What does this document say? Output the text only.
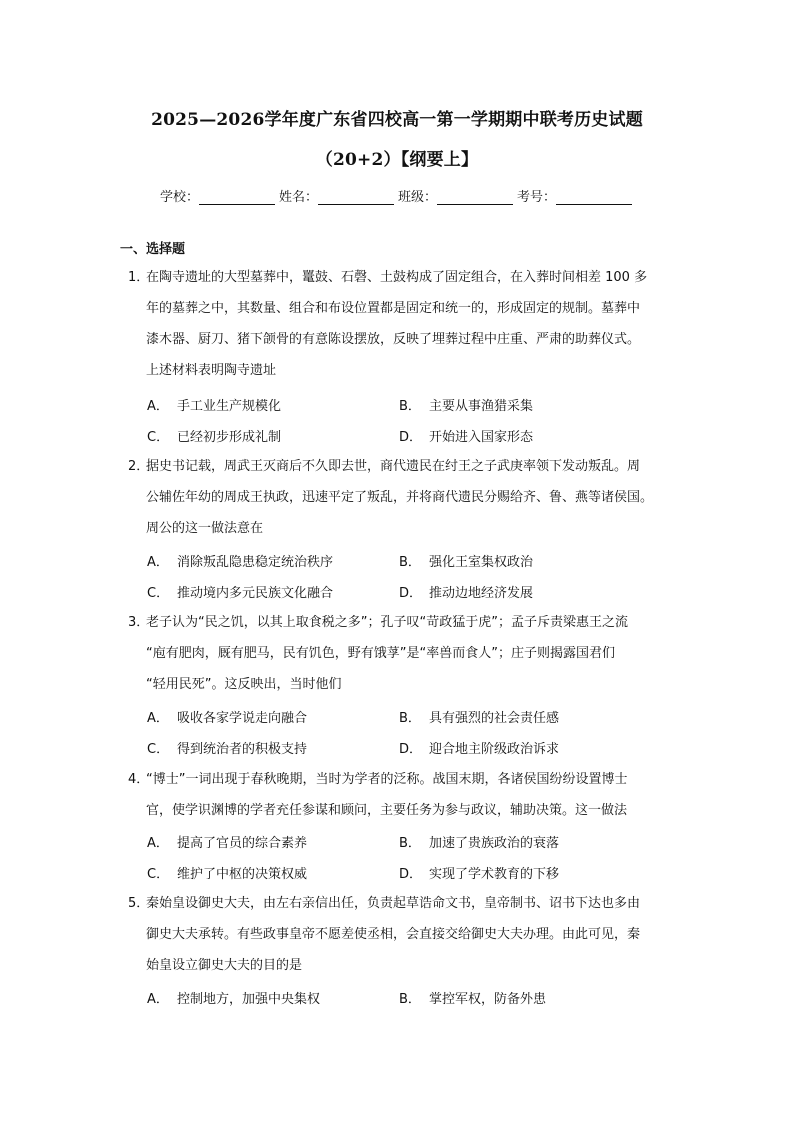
2025—2026学年度广东省四校高一第一学期期中联考历史试题
（20+2）【纲要上】
学校：	姓名：	班级：	考号：
一、选择题
1．
在陶寺遗址的大型墓葬中，鼍鼓、石磬、土鼓构成了固定组合，在入葬时间相差 100 多
年的墓葬之中，其数量、组合和布设位置都是固定和统一的，形成固定的规制。墓葬中
漆木器、厨刀、猪下颌骨的有意陈设摆放，反映了埋葬过程中庄重、严肃的助葬仪式。
上述材料表明陶寺遗址
A． 手工业生产规模化	B． 主要从事渔猎采集
C． 已经初步形成礼制	D． 开始进入国家形态
2．
据史书记载，周武王灭商后不久即去世，商代遗民在纣王之子武庚率领下发动叛乱。周
公辅佐年幼的周成王执政，迅速平定了叛乱，并将商代遗民分赐给齐、鲁、燕等诸侯国。
周公的这一做法意在
A． 消除叛乱隐患稳定统治秩序	B． 强化王室集权政治
C． 推动境内多元民族文化融合	D． 推动边地经济发展
3．
老子认为“民之饥，以其上取食税之多”；孔子叹“苛政猛于虎”；孟子斥责梁惠王之流
“庖有肥肉，厩有肥马，民有饥色，野有饿莩”是“率兽而食人”；庄子则揭露国君们
“轻用民死”。这反映出，当时他们
A． 吸收各家学说走向融合	B． 具有强烈的社会责任感
C． 得到统治者的积极支持	D． 迎合地主阶级政治诉求
4．
“博士”一词出现于春秋晚期，当时为学者的泛称。战国末期，各诸侯国纷纷设置博士
官，使学识渊博的学者充任参谋和顾问，主要任务为参与政议，辅助决策。这一做法
A． 提高了官员的综合素养	B． 加速了贵族政治的衰落
C． 维护了中枢的决策权威	D． 实现了学术教育的下移
5．
秦始皇设御史大夫，由左右亲信出任，负责起草诰命文书，皇帝制书、诏书下达也多由
御史大夫承转。有些政事皇帝不愿差使丞相，会直接交给御史大夫办理。由此可见，秦
始皇设立御史大夫的目的是
A． 控制地方，加强中央集权	B． 掌控军权，防备外患
